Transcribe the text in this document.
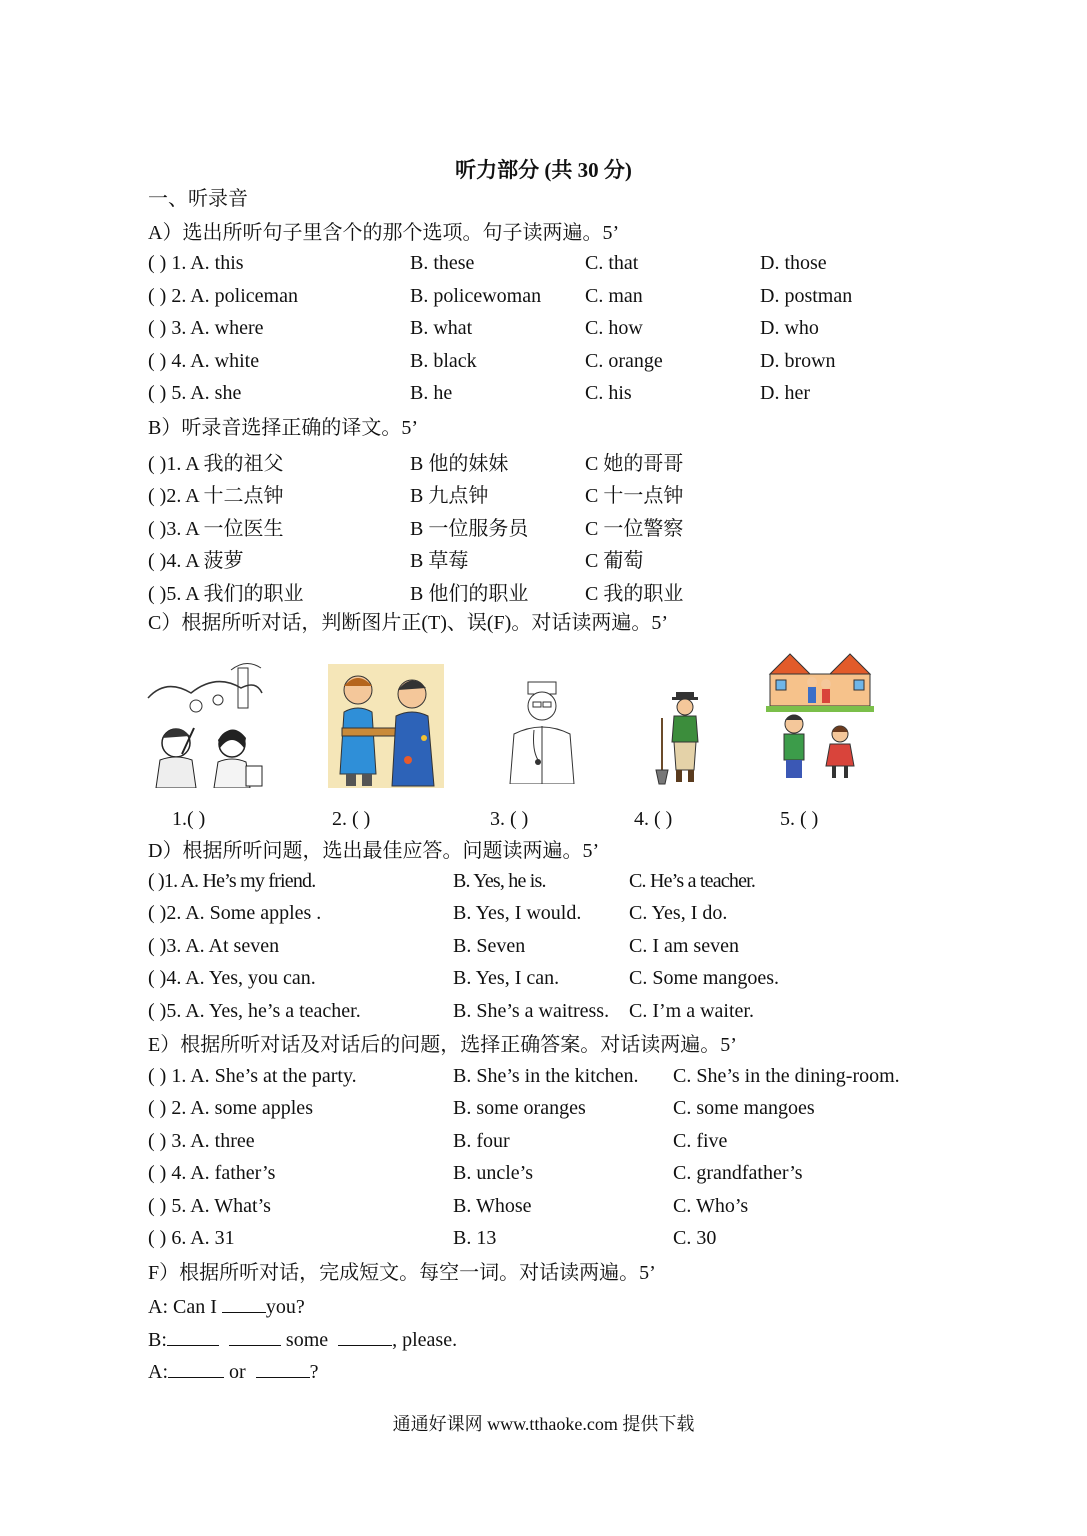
听力部分 (共 30 分)
一、听录音
A）选出所听句子里含个的那个选项。句子读两遍。5’
( ) 1. A. this	B. these	C. that	D. those
( ) 2. A. policeman	B. policewoman C. man	D. postman
( ) 3. A. where	B. what	C. how	D. who
( ) 4. A. white	B. black	C. orange	D. brown
( ) 5. A. she	B. he	C. his	D. her
B）听录音选择正确的译文。5’
( )1. A 我的祖父	B 他的妹妹	C 她的哥哥
( )2. A 十二点钟	B 九点钟	C 十一点钟
( )3. A 一位医生	B 一位服务员	C 一位警察
( )4. A 菠萝	B 草莓	C 葡萄
( )5. A 我们的职业	B 他们的职业	C 我的职业
C）根据所听对话，判断图片正(T)、误(F)。对话读两遍。5’
1.( )	2. ( )	3. ( )	4. ( )	5. ( )
D）根据所听问题，选出最佳应答。问题读两遍。5’
( )1. A. He’s my friend.	B. Yes, he is.	C. He’s a teacher.
( )2. A. Some apples .	B. Yes, I would. C. Yes, I do.
( )3. A. At seven	B. Seven	C. I am seven
( )4. A. Yes, you can.	B. Yes, I can.	C. Some mangoes.
( )5. A. Yes, he’s a teacher.	B. She’s a waitress. C. I’m a waiter.
E）根据所听对话及对话后的问题，选择正确答案。对话读两遍。5’
( ) 1. A. She’s at the party.	B. She’s in the kitchen. C. She’s in the dining-room.
( ) 2. A. some apples	B. some oranges	C. some mangoes
( ) 3. A. three	B. four	C. five
( ) 4. A. father’s	B. uncle’s	C. grandfather’s
( ) 5. A. What’s	B. Whose	C. Who’s
( ) 6. A. 31	B. 13	C. 30
F）根据所听对话，完成短文。每空一词。对话读两遍。5’
A: Can I you?
B:	some	, please.
A:	or	?
通通好课网 www.tthaoke.com 提供下载
